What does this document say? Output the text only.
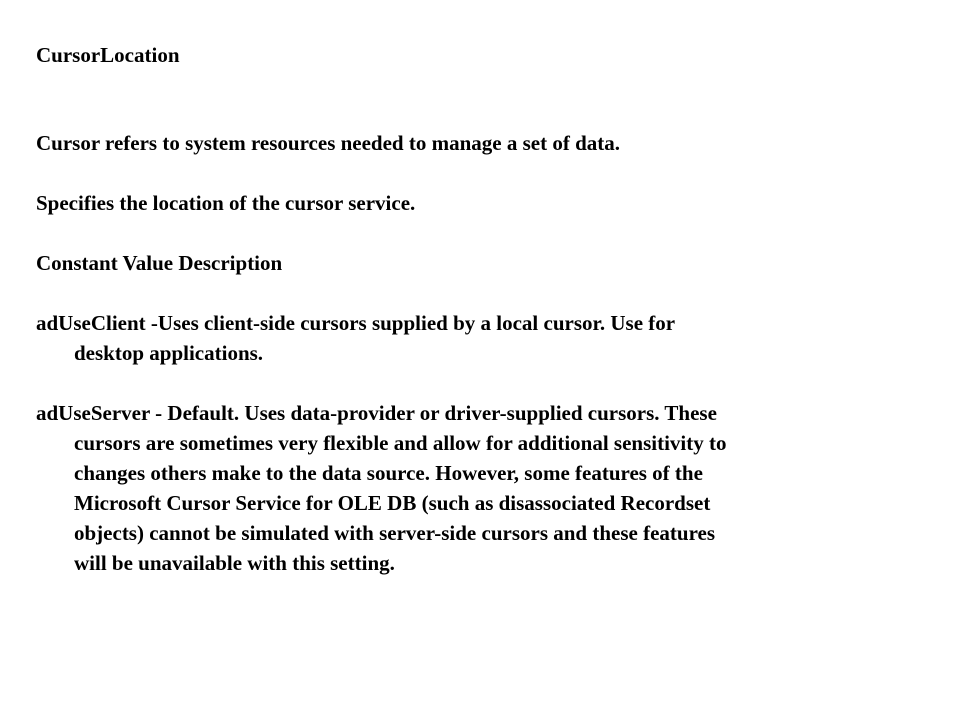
CursorLocation

Cursor refers to system resources needed to manage a set of data.

Specifies the location of the cursor service.

Constant Value Description

adUseClient -Uses client-side cursors supplied by a local cursor. Use for
desktop applications.
adUseServer - Default. Uses data-provider or driver-supplied cursors. These
cursors are sometimes very flexible and allow for additional sensitivity to
changes others make to the data source. However, some features of the
Microsoft Cursor Service for OLE DB (such as disassociated Recordset
objects) cannot be simulated with server-side cursors and these features
will be unavailable with this setting.
